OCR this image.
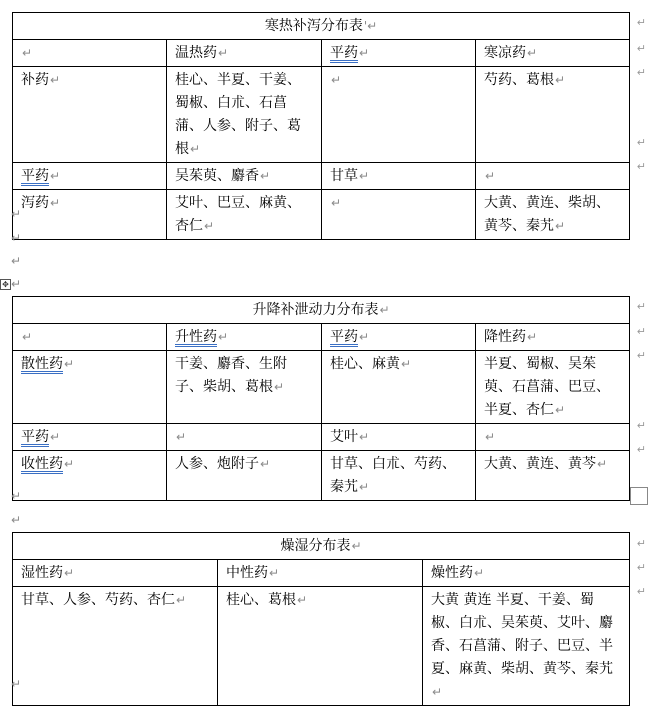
寒热补泻分布表'↵			
↵	温热药↵	平药↵	寒凉药↵
补药↵	桂心、半夏、干姜、蜀椒、白朮、石菖蒲、人参、附子、葛根↵	↵	芍药、葛根↵
平药↵	吴茱萸、麝香↵	甘草↵	↵
泻药↵	艾叶、巴豆、麻黄、杏仁↵	↵	大黄、黄连、柴胡、黄芩、秦艽↵
↵
↵
↵
↵
↵
↵
↵
↵
↵
✥
升降补泄动力分布表↵			
↵	升性药↵	平药↵	降性药↵
散性药↵	干姜、麝香、生附子、柴胡、葛根↵	桂心、麻黄↵	半夏、蜀椒、吴茱萸、石菖蒲、巴豆、半夏、杏仁↵
平药↵	↵	艾叶↵	↵
收性药↵	人参、炮附子↵	甘草、白朮、芍药、秦艽↵	大黄、黄连、黄芩↵
↵
↵
↵
↵
↵
↵
↵
燥湿分布表↵		
湿性药↵	中性药↵	燥性药↵
甘草、人参、芍药、杏仁↵	桂心、葛根↵	大黄 黄连 半夏、干姜、蜀椒、白朮、吴茱萸、艾叶、麝香、石菖蒲、附子、巴豆、半夏、麻黄、柴胡、黄芩、秦艽↵
↵
↵
↵
↵
